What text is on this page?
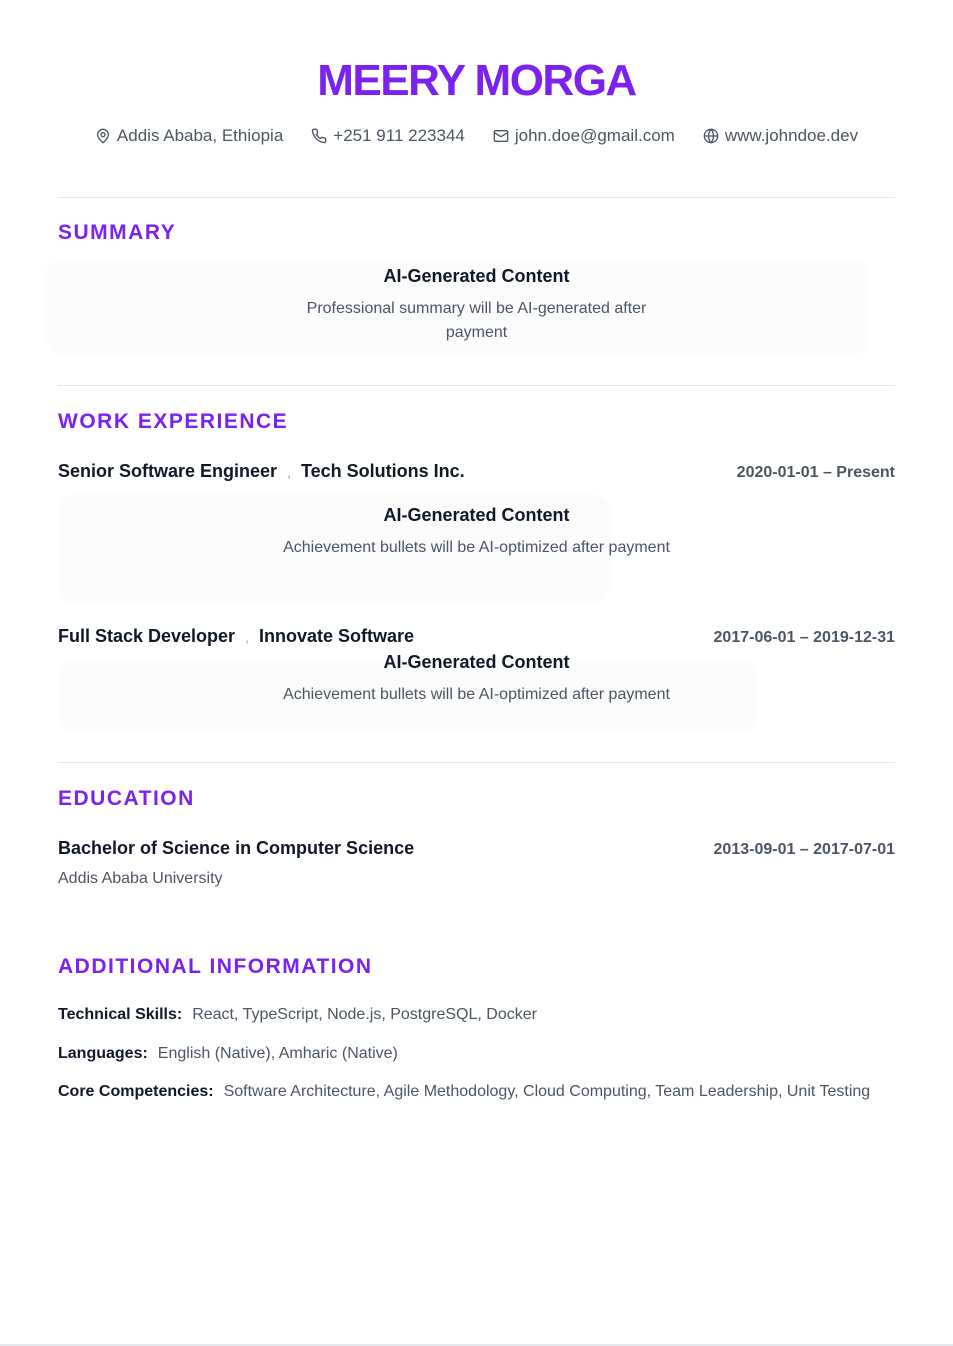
MEERY MORGA
Addis Ababa, Ethiopia	+251 911 223344	john.doe@gmail.com	www.johndoe.dev
SUMMARY
AI-Generated Content
Professional summary will be AI-generated after payment
WORK EXPERIENCE
Senior Software Engineer , Tech Solutions Inc.	2020-01-01 – Present
AI-Generated Content
Achievement bullets will be AI-optimized after payment
Full Stack Developer , Innovate Software	2017-06-01 – 2019-12-31
AI-Generated Content
Achievement bullets will be AI-optimized after payment
EDUCATION
Bachelor of Science in Computer Science	2013-09-01 – 2017-07-01
Addis Ababa University
ADDITIONAL INFORMATION
Technical Skills: React, TypeScript, Node.js, PostgreSQL, Docker
Languages: English (Native), Amharic (Native)
Core Competencies: Software Architecture, Agile Methodology, Cloud Computing, Team Leadership, Unit Testing
